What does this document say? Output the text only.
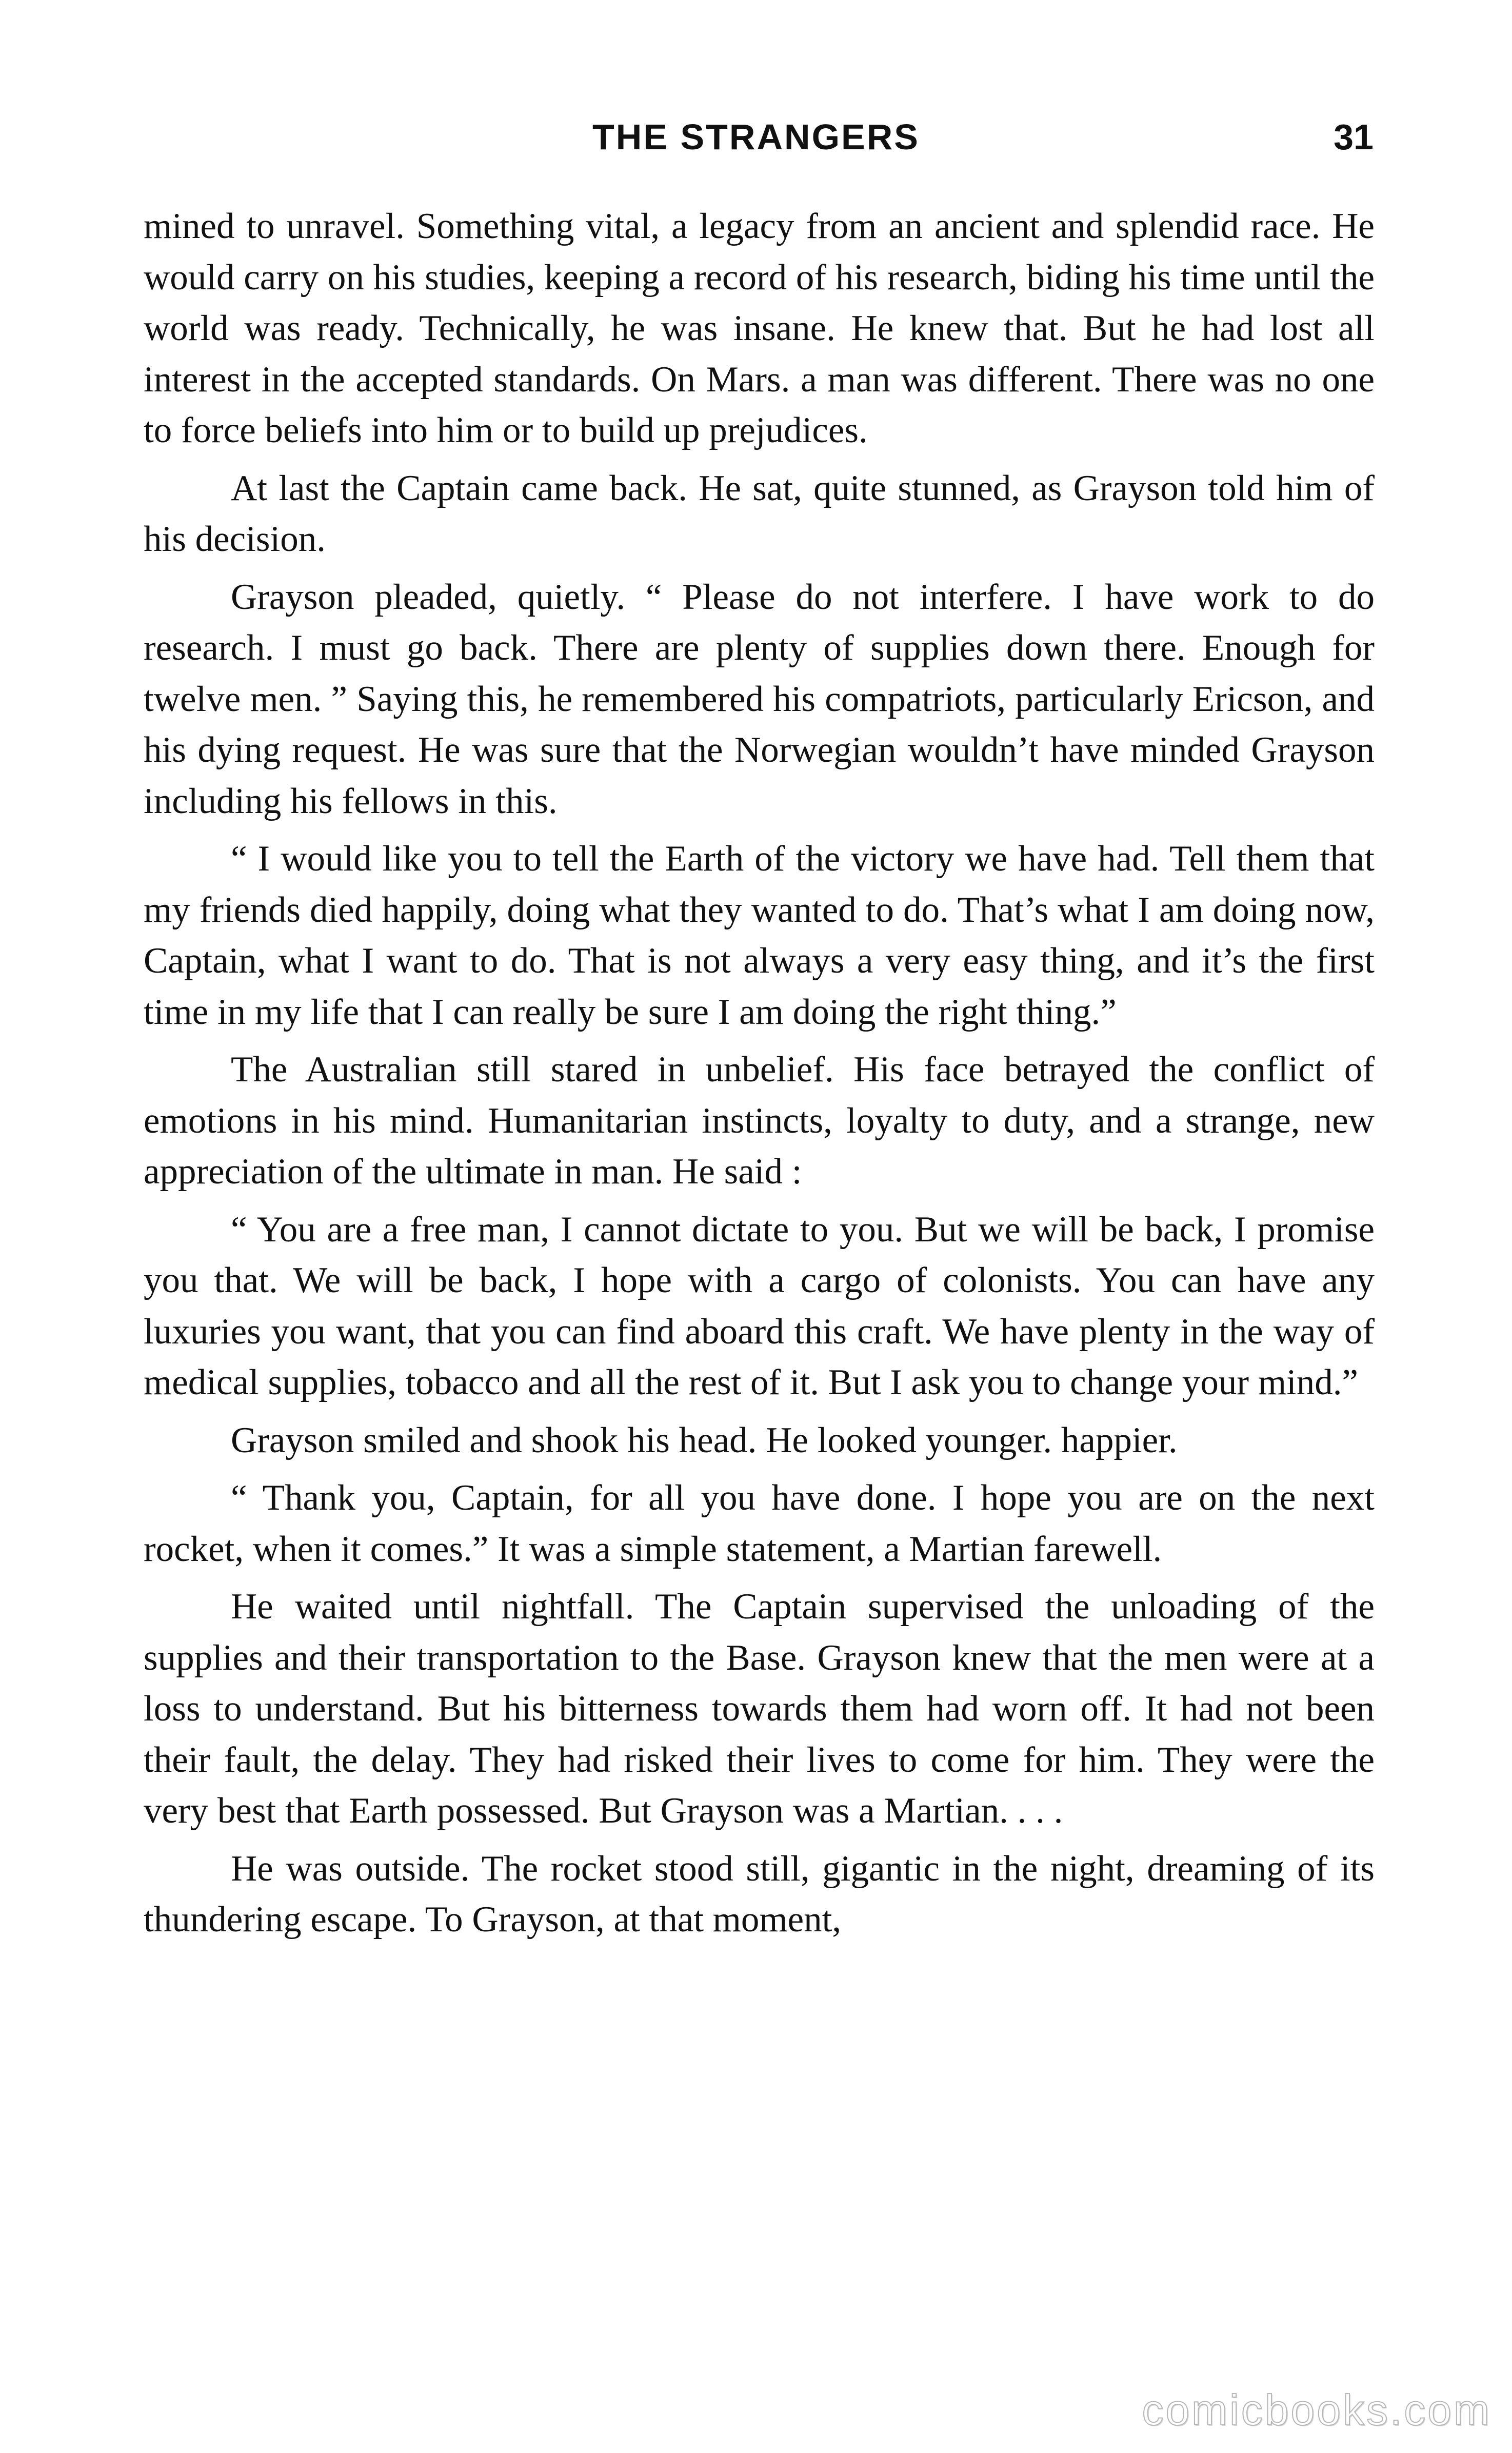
THE STRANGERS	31

mined to unravel. Something vital, a legacy from an ancient and splendid race. He would carry on his studies, keeping a record of his research, biding his time until the world was ready. Technically, he was insane. He knew that. But he had lost all interest in the accepted standards. On Mars. a man was different. There was no one to force beliefs into him or to build up prejudices.

At last the Captain came back. He sat, quite stunned, as Grayson told him of his decision.

Grayson pleaded, quietly. “ Please do not interfere. I have work to do research. I must go back. There are plenty of supplies down there. Enough for twelve men. ” Saying this, he remembered his compatriots, particularly Ericson, and his dying request. He was sure that the Norwegian wouldn’t have minded Grayson including his fellows in this.

“ I would like you to tell the Earth of the victory we have had. Tell them that my friends died happily, doing what they wanted to do. That’s what I am doing now, Captain, what I want to do. That is not always a very easy thing, and it’s the first time in my life that I can really be sure I am doing the right thing.”

The Australian still stared in unbelief. His face betrayed the conflict of emotions in his mind. Humanitarian instincts, loyalty to duty, and a strange, new appreciation of the ultimate in man. He said :

“ You are a free man, I cannot dictate to you. But we will be back, I promise you that. We will be back, I hope with a cargo of colonists. You can have any luxuries you want, that you can find aboard this craft. We have plenty in the way of medical supplies, tobacco and all the rest of it. But I ask you to change your mind.”

Grayson smiled and shook his head. He looked younger. happier.

“ Thank you, Captain, for all you have done. I hope you are on the next rocket, when it comes.” It was a simple statement, a Martian farewell.

He waited until nightfall. The Captain supervised the unloading of the supplies and their transportation to the Base. Grayson knew that the men were at a loss to understand. But his bitterness towards them had worn off. It had not been their fault, the delay. They had risked their lives to come for him. They were the very best that Earth possessed. But Grayson was a Martian. . . .

He was outside. The rocket stood still, gigantic in the night, dreaming of its thundering escape. To Grayson, at that moment,

comicbooks.com
